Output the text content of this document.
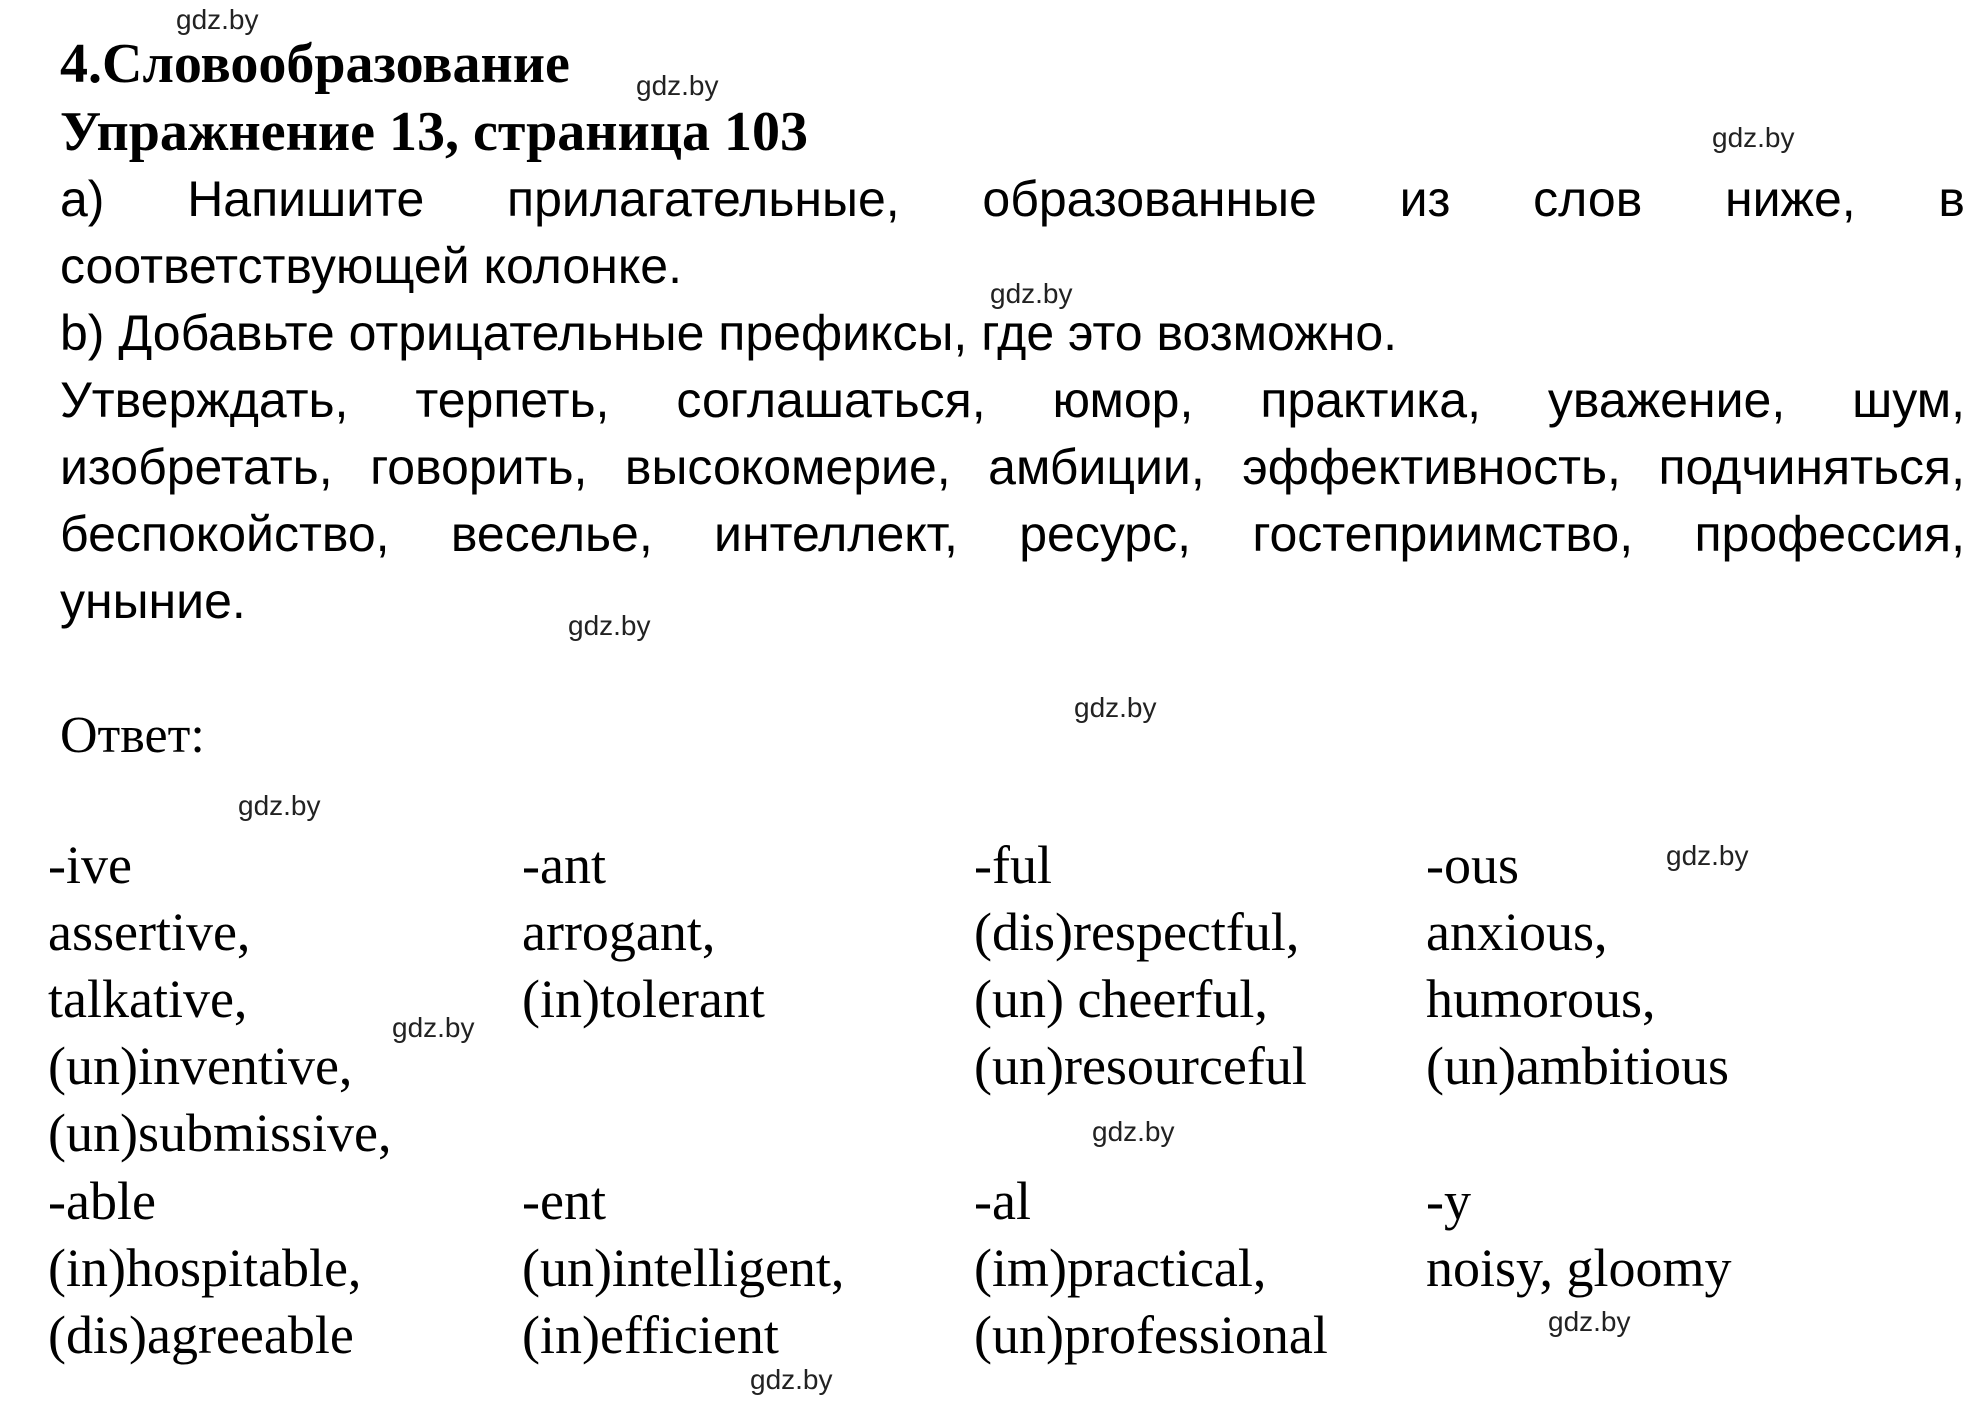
4.Словообразование
Упражнение 13, страница 103
a) Напишите прилагательные, образованные из слов ниже, в
соответствующей колонке.
b) Добавьте отрицательные префиксы, где это возможно.
Утверждать, терпеть, соглашаться, юмор, практика, уважение, шум,
изобретать, говорить, высокомерие, амбиции, эффективность, подчиняться,
беспокойство, веселье, интеллект, ресурс, гостеприимство, профессия,
уныние.
Ответ:
-ive
assertive,
talkative,
(un)inventive,
(un)submissive,
-ant
arrogant,
(in)tolerant
-ful
(dis)respectful,
(un) cheerful,
(un)resourceful
-ous
anxious,
humorous,
(un)ambitious
-able
(in)hospitable,
(dis)agreeable
-ent
(un)intelligent,
(in)efficient
-al
(im)practical,
(un)professional
-y
noisy, gloomy
gdz.by
gdz.by
gdz.by
gdz.by
gdz.by
gdz.by
gdz.by
gdz.by
gdz.by
gdz.by
gdz.by
gdz.by
